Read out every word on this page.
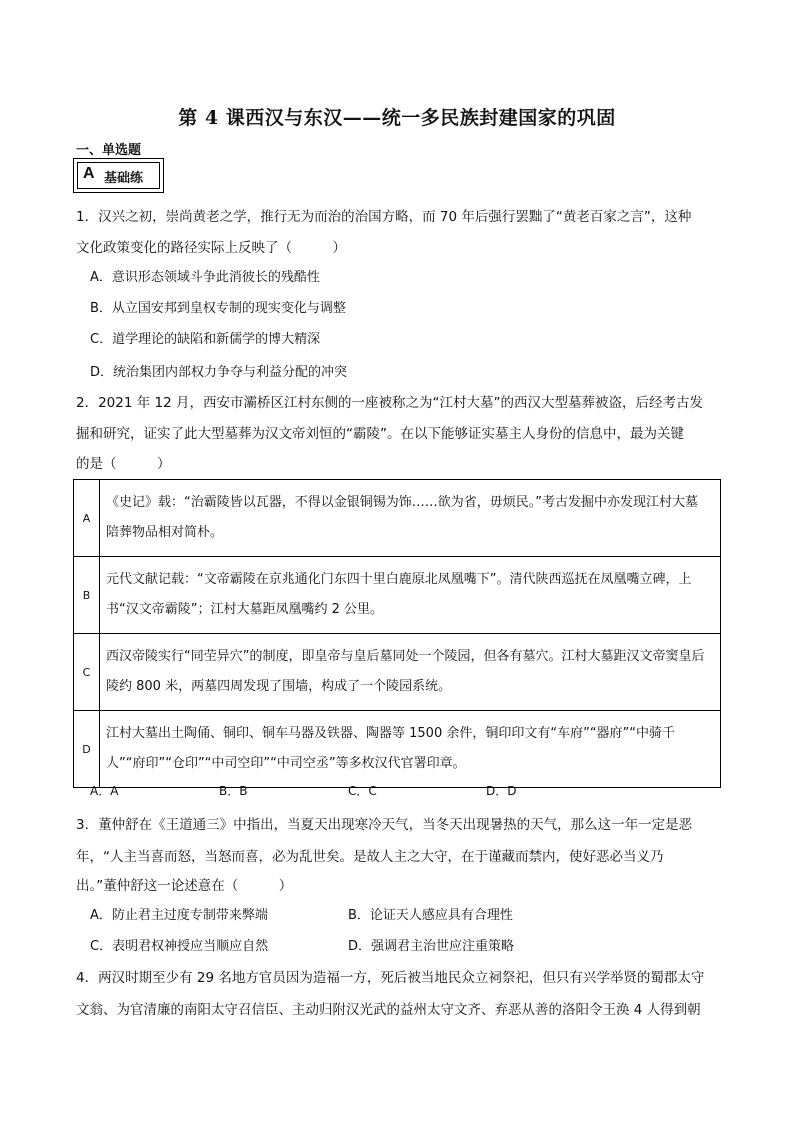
第 4 课西汉与东汉——统一多民族封建国家的巩固
一、单选题
A 基础练
1．汉兴之初，崇尚黄老之学，推行无为而治的治国方略，而 70 年后强行罢黜了“黄老百家之言”，这种
文化政策变化的路径实际上反映了（　　　）
A．意识形态领域斗争此消彼长的残酷性
B．从立国安邦到皇权专制的现实变化与调整
C．道学理论的缺陷和新儒学的博大精深
D．统治集团内部权力争夺与利益分配的冲突
2．2021 年 12 月，西安市灞桥区江村东侧的一座被称之为“江村大墓”的西汉大型墓葬被盗，后经考古发
掘和研究，证实了此大型墓葬为汉文帝刘恒的“霸陵”。在以下能够证实墓主人身份的信息中，最为关键
的是（　　　）
A	《史记》载：“治霸陵皆以瓦器，不得以金银铜锡为饰……欲为省，毋烦民。”考古发掘中亦发现江村大墓陪葬物品相对简朴。
B	元代文献记载：“文帝霸陵在京兆通化门东四十里白鹿原北凤凰嘴下”。清代陕西巡抚在凤凰嘴立碑，上书“汉文帝霸陵”；江村大墓距凤凰嘴约 2 公里。
C	西汉帝陵实行“同茔异穴”的制度，即皇帝与皇后墓同处一个陵园，但各有墓穴。江村大墓距汉文帝窦皇后陵约 800 米，两墓四周发现了围墙，构成了一个陵园系统。
D	江村大墓出土陶俑、铜印、铜车马器及铁器、陶器等 1500 余件，铜印印文有“车府”“器府”“中骑千人”“府印”“仓印”“中司空印”“中司空丞”等多枚汉代官署印章。
A．A	B．B	C．C	D．D
3．董仲舒在《王道通三》中指出，当夏天出现寒冷天气，当冬天出现暑热的天气，那么这一年一定是恶
年，“人主当喜而怒，当怒而喜，必为乱世矣。是故人主之大守，在于谨藏而禁内，使好恶必当义乃
出。”董仲舒这一论述意在（　　　）
A．防止君主过度专制带来弊端	B．论证天人感应具有合理性
C．表明君权神授应当顺应自然	D．强调君主治世应注重策略
4．两汉时期至少有 29 名地方官员因为造福一方，死后被当地民众立祠祭祀，但只有兴学举贤的蜀郡太守
文翁、为官清廉的南阳太守召信臣、主动归附汉光武的益州太守文齐、弃恶从善的洛阳令王涣 4 人得到朝
